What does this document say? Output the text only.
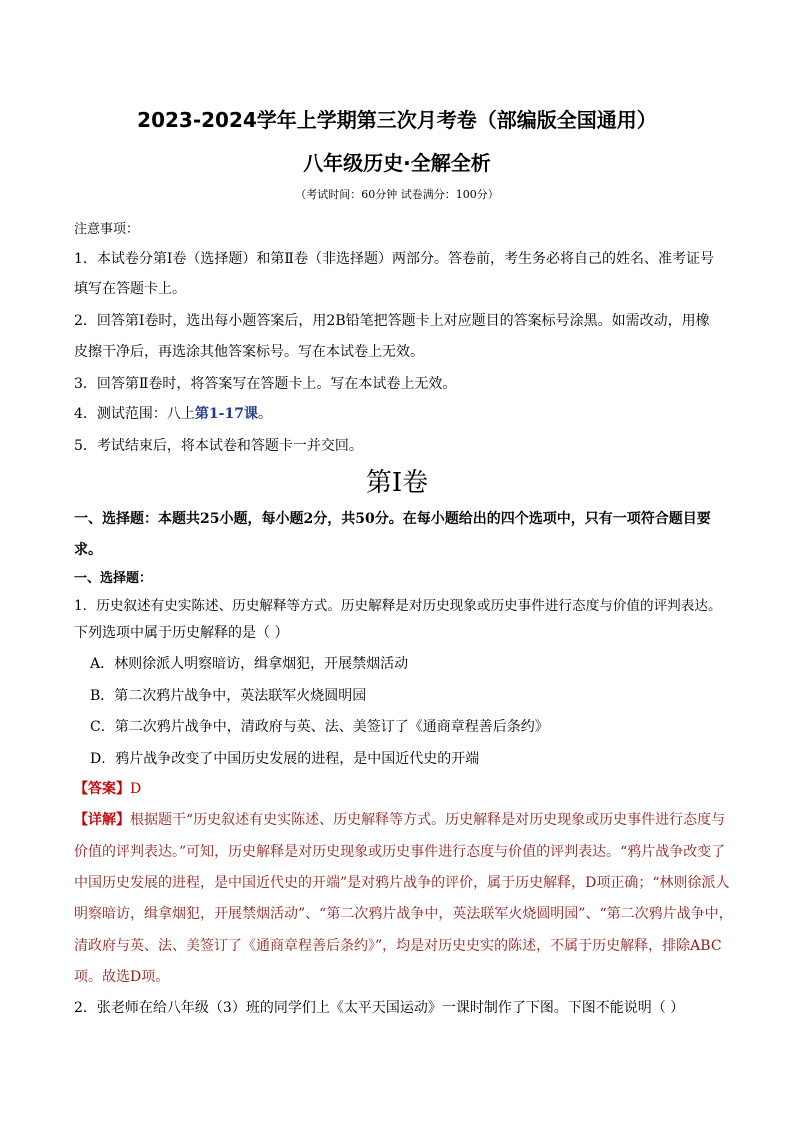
2023-2024学年上学期第三次月考卷（部编版全国通用）
八年级历史·全解全析
（考试时间：60分钟 试卷满分：100分）
注意事项：
1．本试卷分第Ⅰ卷（选择题）和第Ⅱ卷（非选择题）两部分。答卷前，考生务必将自己的姓名、准考证号
填写在答题卡上。
2．回答第Ⅰ卷时，选出每小题答案后，用2B铅笔把答题卡上对应题目的答案标号涂黑。如需改动，用橡
皮擦干净后，再选涂其他答案标号。写在本试卷上无效。
3．回答第Ⅱ卷时，将答案写在答题卡上。写在本试卷上无效。
4．测试范围：八上第1-17课。
5．考试结束后，将本试卷和答题卡一并交回。
第Ⅰ卷
一、选择题：本题共25小题，每小题2分，共50分。在每小题给出的四个选项中，只有一项符合题目要
求。
一、选择题：
1．历史叙述有史实陈述、历史解释等方式。历史解释是对历史现象或历史事件进行态度与价值的评判表达。
下列选项中属于历史解释的是（ ）
A．林则徐派人明察暗访，缉拿烟犯，开展禁烟活动
B．第二次鸦片战争中，英法联军火烧圆明园
C．第二次鸦片战争中，清政府与英、法、美签订了《通商章程善后条约》
D．鸦片战争改变了中国历史发展的进程，是中国近代史的开端
【答案】D
【详解】根据题干“历史叙述有史实陈述、历史解释等方式。历史解释是对历史现象或历史事件进行态度与
价值的评判表达。”可知，历史解释是对历史现象或历史事件进行态度与价值的评判表达。“鸦片战争改变了
中国历史发展的进程，是中国近代史的开端”是对鸦片战争的评价，属于历史解释，D项正确；“林则徐派人
明察暗访，缉拿烟犯，开展禁烟活动”、“第二次鸦片战争中，英法联军火烧圆明园”、“第二次鸦片战争中，
清政府与英、法、美签订了《通商章程善后条约》”，均是对历史史实的陈述，不属于历史解释，排除ABC
项。故选D项。
2．张老师在给八年级（3）班的同学们上《太平天国运动》一课时制作了下图。下图不能说明（ ）
